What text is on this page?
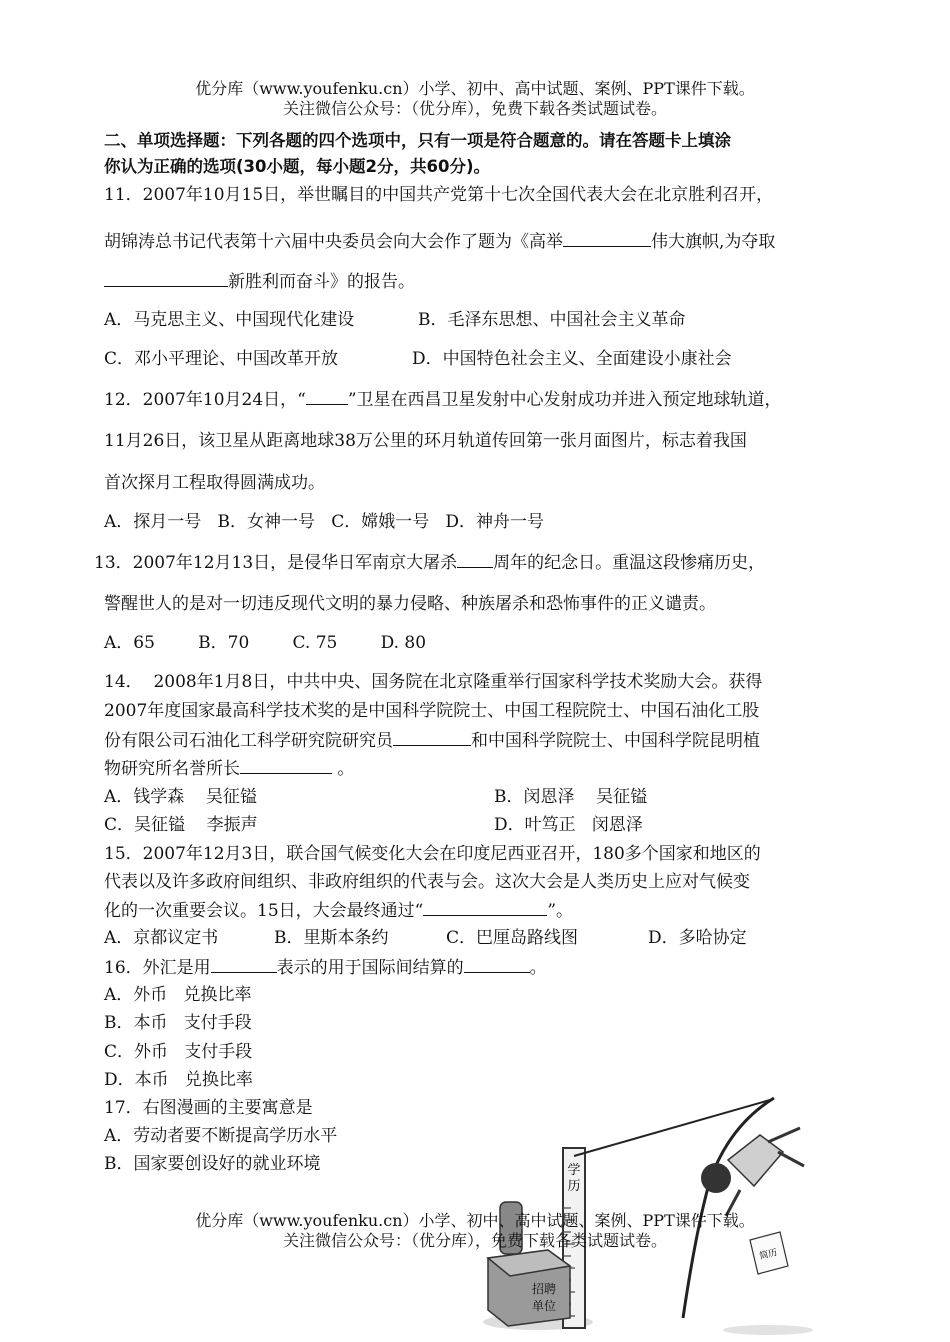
优分库（www.youfenku.cn）小学、初中、高中试题、案例、PPT课件下载。
关注微信公众号：（优分库），免费下载各类试题试卷。
二、单项选择题：下列各题的四个选项中，只有一项是符合题意的。请在答题卡上填涂
你认为正确的选项(30小题，每小题2分，共60分)。
11．2007年10月15日，举世瞩目的中国共产党第十七次全国代表大会在北京胜利召开，
胡锦涛总书记代表第十六届中央委员会向大会作了题为《高举	伟大旗帜,为夺取
新胜利而奋斗》的报告。
A．马克思主义、中国现代化建设	B．毛泽东思想、中国社会主义革命
C．邓小平理论、中国改革开放	D．中国特色社会主义、全面建设小康社会
12．2007年10月24日，“ ”卫星在西昌卫星发射中心发射成功并进入预定地球轨道，
11月26日，该卫星从距离地球38万公里的环月轨道传回第一张月面图片，标志着我国
首次探月工程取得圆满成功。
A．探月一号   B．女神一号   C．嫦娥一号   D．神舟一号
13．2007年12月13日，是侵华日军南京大屠杀 周年的纪念日。重温这段惨痛历史，
警醒世人的是对一切违反现代文明的暴力侵略、种族屠杀和恐怖事件的正义谴责。
A．65        B．70        C. 75        D. 80
14．  2008年1月8日，中共中央、国务院在北京隆重举行国家科学技术奖励大会。获得
2007年度国家最高科学技术奖的是中国科学院院士、中国工程院院士、中国石油化工股
份有限公司石油化工科学研究院研究员	和中国科学院院士、中国科学院昆明植
物研究所名誉所长	。
A．钱学森    吴征镒	B．闵恩泽    吴征镒
C．吴征镒    李振声	D．叶笃正   闵恩泽
15．2007年12月3日，联合国气候变化大会在印度尼西亚召开，180多个国家和地区的
代表以及许多政府间组织、非政府组织的代表与会。这次大会是人类历史上应对气候变
化的一次重要会议。15日，大会最终通过“	”。
A．京都议定书	B．里斯本条约	C．巴厘岛路线图	D．多哈协定
16．外汇是用	表示的用于国际间结算的	。
A．外币   兑换比率
B．本币   支付手段
C．外币   支付手段
D．本币   兑换比率
17．右图漫画的主要寓意是
A．劳动者要不断提高学历水平
B．国家要创设好的就业环境	学
历
招聘
单位
简历
优分库（www.youfenku.cn）小学、初中、高中试题、案例、PPT课件下载。
关注微信公众号：（优分库），免费下载各类试题试卷。
